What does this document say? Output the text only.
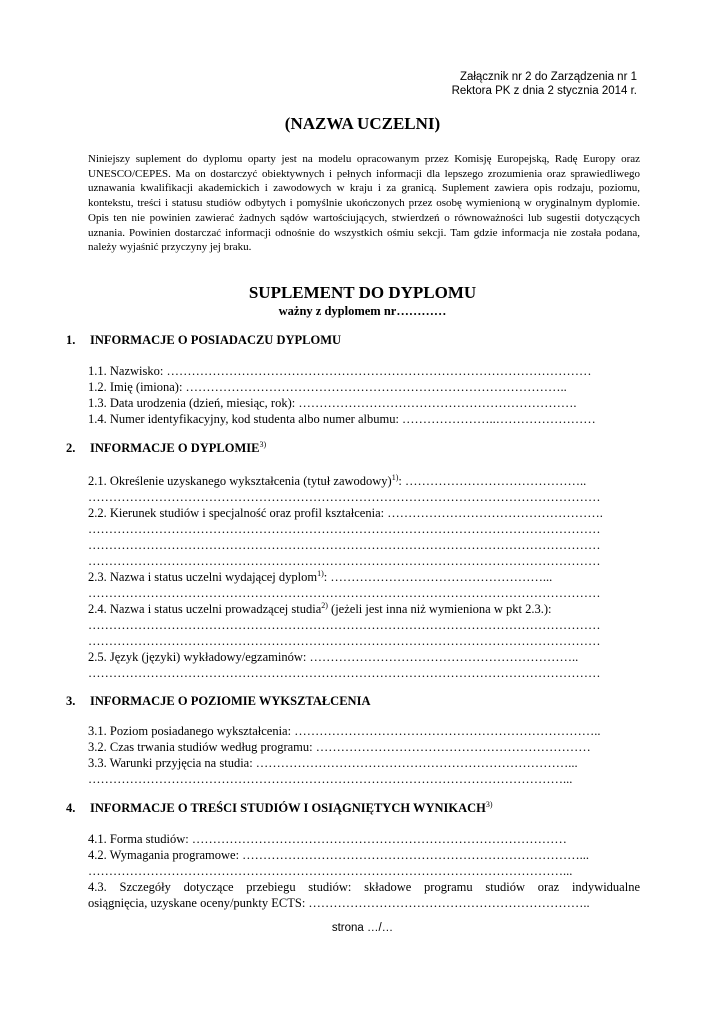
Załącznik nr 2 do Zarządzenia nr 1
Rektora PK z dnia 2 stycznia 2014 r.
(NAZWA UCZELNI)
Niniejszy suplement do dyplomu oparty jest na modelu opracowanym przez Komisję Europejską, Radę Europy oraz UNESCO/CEPES. Ma on dostarczyć obiektywnych i pełnych informacji dla lepszego zrozumienia oraz sprawiedliwego uznawania kwalifikacji akademickich i zawodowych w kraju i za granicą. Suplement zawiera opis rodzaju, poziomu, kontekstu, treści i statusu studiów odbytych i pomyślnie ukończonych przez osobę wymienioną w oryginalnym dyplomie. Opis ten nie powinien zawierać żadnych sądów wartościujących, stwierdzeń o równoważności lub sugestii dotyczących uznania. Powinien dostarczać informacji odnośnie do wszystkich ośmiu sekcji. Tam gdzie informacja nie została podana, należy wyjaśnić przyczyny jej braku.
SUPLEMENT DO DYPLOMU
ważny z dyplomem nr…………
1. INFORMACJE O POSIADACZU DYPLOMU
1.1. Nazwisko: …………………………………………………………………………………………
1.2. Imię (imiona): ………………………………………………………………………………..
1.3. Data urodzenia (dzień, miesiąc, rok): ………………………………………………………….
1.4. Numer identyfikacyjny, kod studenta albo numer albumu: …………………..……………………
2. INFORMACJE O DYPLOMIE$^{3)}$
2.1. Określenie uzyskanego wykształcenia (tytuł zawodowy)$^{1)}$: ……………………………………..
……………………………………………………………………………………………………………
2.2. Kierunek studiów i specjalność oraz profil kształcenia: …………………………………………….
……………………………………………………………………………………………………………
……………………………………………………………………………………………………………
……………………………………………………………………………………………………………
2.3. Nazwa i status uczelni wydającej dyplom$^{1)}$: ……………………………………………...
……………………………………………………………………………………………………………
2.4. Nazwa i status uczelni prowadzącej studia$^{2)}$ (jeżeli jest inna niż wymieniona w pkt 2.3.):
……………………………………………………………………………………………………………
……………………………………………………………………………………………………………
2.5. Język (języki) wykładowy/egzaminów: ………………………………………………………..
……………………………………………………………………………………………………………
3. INFORMACJE O POZIOMIE WYKSZTAŁCENIA
3.1. Poziom posiadanego wykształcenia: ………………………………………………………………..
3.2. Czas trwania studiów według programu: …………………………………………………………
3.3. Warunki przyjęcia na studia: …………………………………………………………………...
……………………………………………………………………………………………………...
4. INFORMACJE O TREŚCI STUDIÓW I OSIĄGNIĘTYCH WYNIKACH$^{3)}$
4.1. Forma studiów: ………………………………………………………………………………
4.2. Wymagania programowe: ………………………………………………………………………...
……………………………………………………………………………………………………...
4.3. Szczegóły dotyczące przebiegu studiów: składowe programu studiów oraz indywidualne
osiągnięcia, uzyskane oceny/punkty ECTS: …………………………………………………………..
strona …/…
